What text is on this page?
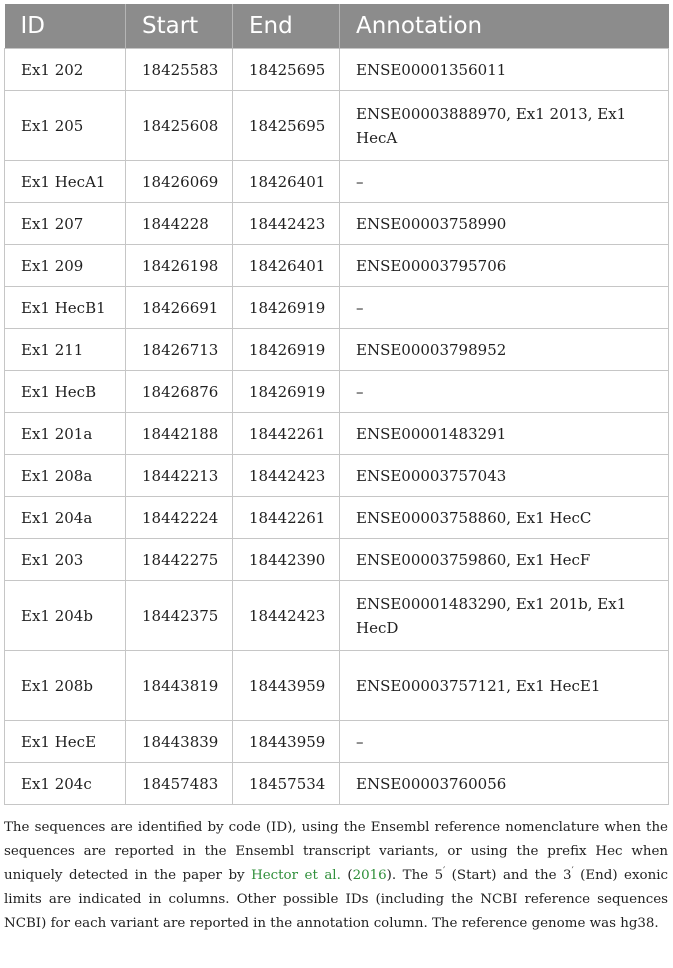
ID	Start	End	Annotation
Ex1 202	18425583	18425695	ENSE00001356011
Ex1 205	18425608	18425695	ENSE00003888970, Ex1 2013, Ex1 HecA
Ex1 HecA1	18426069	18426401	–
Ex1 207	1844228	18442423	ENSE00003758990
Ex1 209	18426198	18426401	ENSE00003795706
Ex1 HecB1	18426691	18426919	–
Ex1 211	18426713	18426919	ENSE00003798952
Ex1 HecB	18426876	18426919	–
Ex1 201a	18442188	18442261	ENSE00001483291
Ex1 208a	18442213	18442423	ENSE00003757043
Ex1 204a	18442224	18442261	ENSE00003758860, Ex1 HecC
Ex1 203	18442275	18442390	ENSE00003759860, Ex1 HecF
Ex1 204b	18442375	18442423	ENSE00001483290, Ex1 201b, Ex1 HecD
Ex1 208b	18443819	18443959	ENSE00003757121, Ex1 HecE1
Ex1 HecE	18443839	18443959	–
Ex1 204c	18457483	18457534	ENSE00003760056
The sequences are identified by code (ID), using the Ensembl reference nomenclature when the sequences are reported in the Ensembl transcript variants, or using the prefix Hec when uniquely detected in the paper by Hector et al. (2016). The 5′ (Start) and the 3′ (End) exonic limits are indicated in columns. Other possible IDs (including the NCBI reference sequences NCBI) for each variant are reported in the annotation column. The reference genome was hg38.
